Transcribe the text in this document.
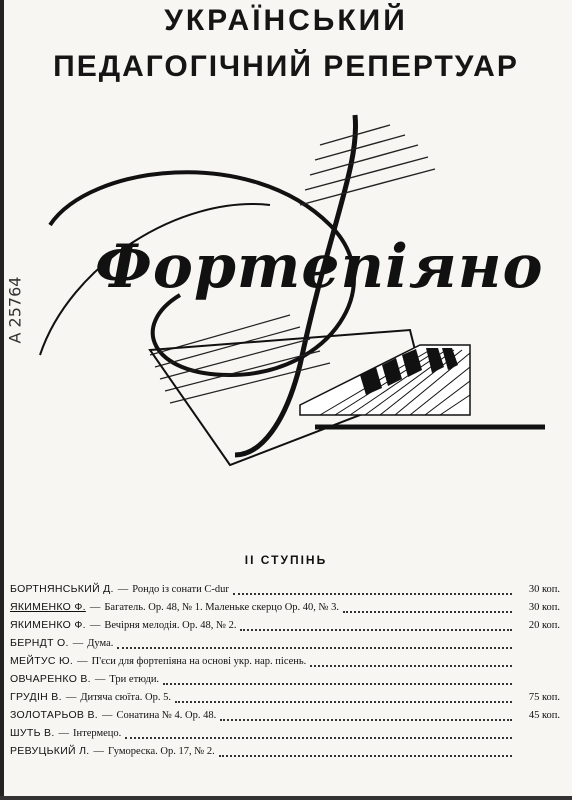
УКРАЇНСЬКИЙ
ПЕДАГОГІЧНИЙ РЕПЕРТУАР
А 25764
Фортепіяно
II СТУПІНЬ
БОРТНЯНСЬКИЙ Д. — Рондо із сонати C-dur	30 коп.
ЯКИМЕНКО Ф. — Багатель. Ор. 48, № 1. Маленьке скерцо Ор. 40, № 3.	30 коп.
ЯКИМЕНКО Ф. — Вечірня мелодія. Ор. 48, № 2.	20 коп.
БЕРНДТ О. — Дума.
МЕЙТУС Ю. — П'єси для фортепіяна на основі укр. нар. пісень.
ОВЧАРЕНКО В. — Три етюди.
ГРУДІН В. — Дитяча сюїта. Ор. 5.	75 коп.
ЗОЛОТАРЬОВ В. — Сонатина № 4. Ор. 48.	45 коп.
ШУТЬ В. — Інтермецо.
РЕВУЦЬКИЙ Л. — Гумореска. Ор. 17, № 2.
